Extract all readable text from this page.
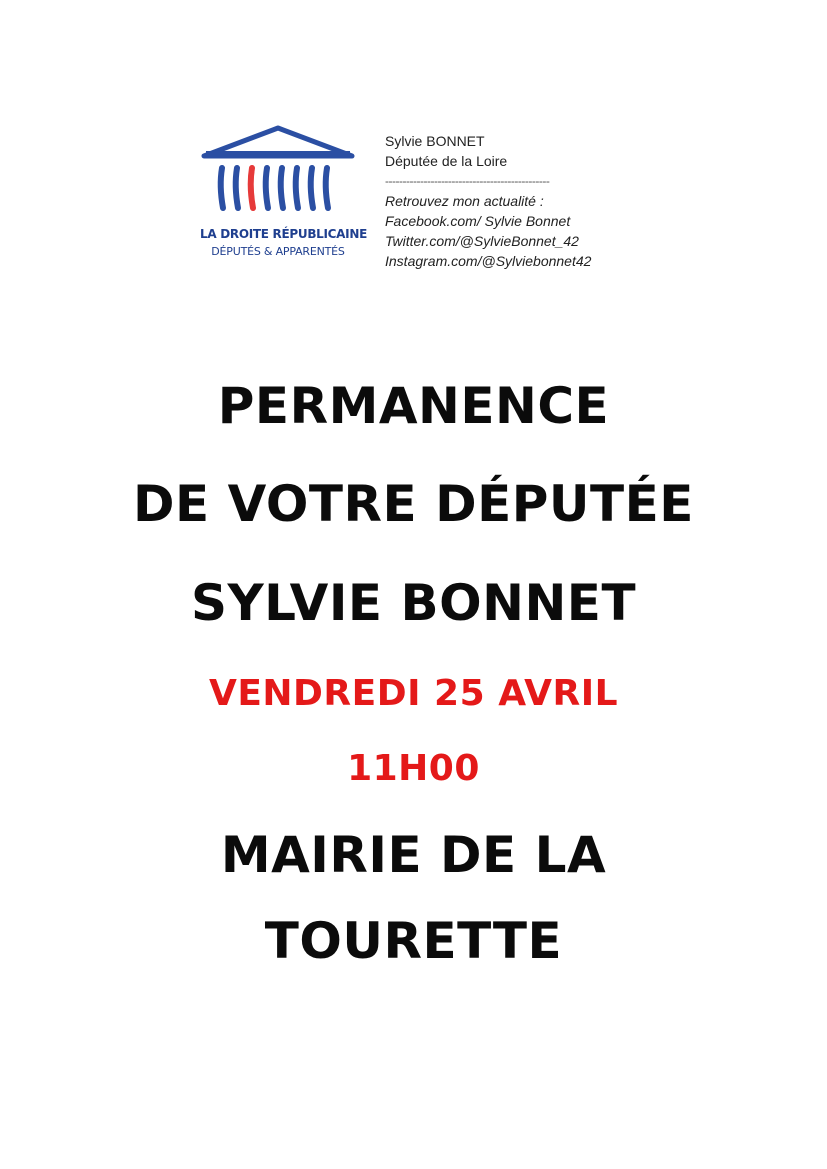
LA DROITE RÉPUBLICAINE
DÉPUTÉS & APPARENTÉS
Sylvie BONNET
Députée de la Loire
-----------------------------------------------
Retrouvez mon actualité :
Facebook.com/ Sylvie Bonnet
Twitter.com/@SylvieBonnet_42
Instagram.com/@Sylviebonnet42
PERMANENCE
DE VOTRE DÉPUTÉE
SYLVIE BONNET
VENDREDI 25 AVRIL
11H00
MAIRIE DE LA
TOURETTE
